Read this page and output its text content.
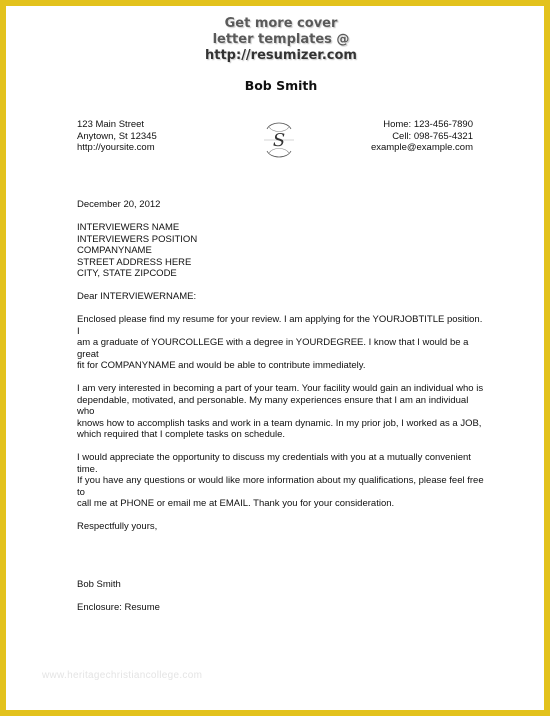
Get more cover
letter templates @
http://resumizer.com
Bob Smith
123 Main Street
Anytown, St 12345
http://yoursite.com	S
Home: 123-456-7890
Cell: 098-765-4321
example@example.com

December 20, 2012

INTERVIEWERS NAME
INTERVIEWERS POSITION
COMPANYNAME
STREET ADDRESS HERE
CITY, STATE ZIPCODE

Dear INTERVIEWERNAME:

Enclosed please find my resume for your review. I am applying for the YOURJOBTITLE position. I
am a graduate of YOURCOLLEGE with a degree in YOURDEGREE. I know that I would be a great
fit for COMPANYNAME and would be able to contribute immediately.

I am very interested in becoming a part of your team. Your facility would gain an individual who is
dependable, motivated, and personable. My many experiences ensure that I am an individual who
knows how to accomplish tasks and work in a team dynamic. In my prior job, I worked as a JOB,
which required that I complete tasks on schedule.

I would appreciate the opportunity to discuss my credentials with you at a mutually convenient time.
If you have any questions or would like more information about my qualifications, please feel free to
call me at PHONE or email me at EMAIL. Thank you for your consideration.

Respectfully yours,

Bob Smith

Enclosure: Resume

www.heritagechristiancollege.com
